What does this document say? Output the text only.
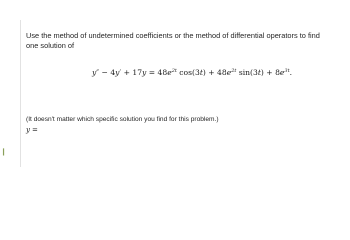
Use the method of undetermined coefficients or the method of differential operators to find one solution of

$y'' - 4y' + 17y = 48e^{2t}$ $\cos(3t) + 48e^{2t}$ $\sin(3t) + 8e^{3t}$.

(It doesn't matter which specific solution you find for this problem.)

y =
▎
